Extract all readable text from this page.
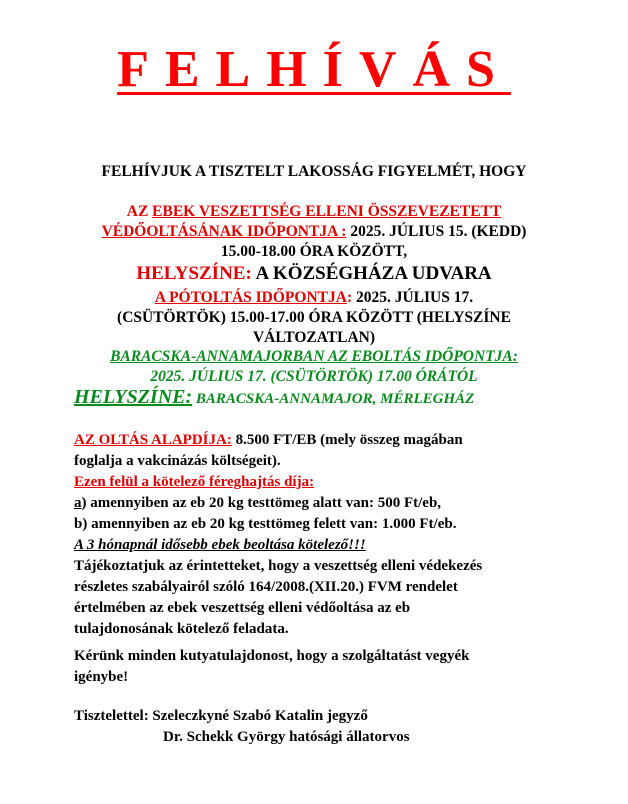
FELHÍVÁS
FELHÍVJUK A TISZTELT LAKOSSÁG FIGYELMÉT, HOGY

AZ EBEK VESZETTSÉG ELLENI ÖSSZEVEZETETT

VÉDŐOLTÁSÁNAK IDŐPONTJA : 2025. JÚLIUS 15. (KEDD)

15.00-18.00 ÓRA KÖZÖTT,

HELYSZÍNE: A KÖZSÉGHÁZA UDVARA

A PÓTOLTÁS IDŐPONTJA: 2025. JÚLIUS 17.

(CSÜTÖRTÖK) 15.00-17.00 ÓRA KÖZÖTT (HELYSZÍNE

VÁLTOZATLAN)

BARACSKA-ANNAMAJORBAN AZ EBOLTÁS IDŐPONTJA:

2025. JÚLIUS 17. (CSÜTÖRTÖK) 17.00 ÓRÁTÓL

HELYSZÍNE: BARACSKA-ANNAMAJOR, MÉRLEGHÁZ

AZ OLTÁS ALAPDÍJA: 8.500 FT/EB (mely összeg magában

foglalja a vakcinázás költségeit).

Ezen felül a kötelező féreghajtás díja:

a) amennyiben az eb 20 kg testtömeg alatt van: 500 Ft/eb,

b) amennyiben az eb 20 kg testtömeg felett van: 1.000 Ft/eb.

A 3 hónapnál idősebb ebek beoltása kötelező!!!

Tájékoztatjuk az érintetteket, hogy a veszettség elleni védekezés

részletes szabályairól szóló 164/2008.(XII.20.) FVM rendelet

értelmében az ebek veszettség elleni védőoltása az eb

tulajdonosának kötelező feladata.

Kérünk minden kutyatulajdonost, hogy a szolgáltatást vegyék

igénybe!

Tisztelettel: Szeleczkyné Szabó Katalin jegyző

Dr. Schekk György hatósági állatorvos
